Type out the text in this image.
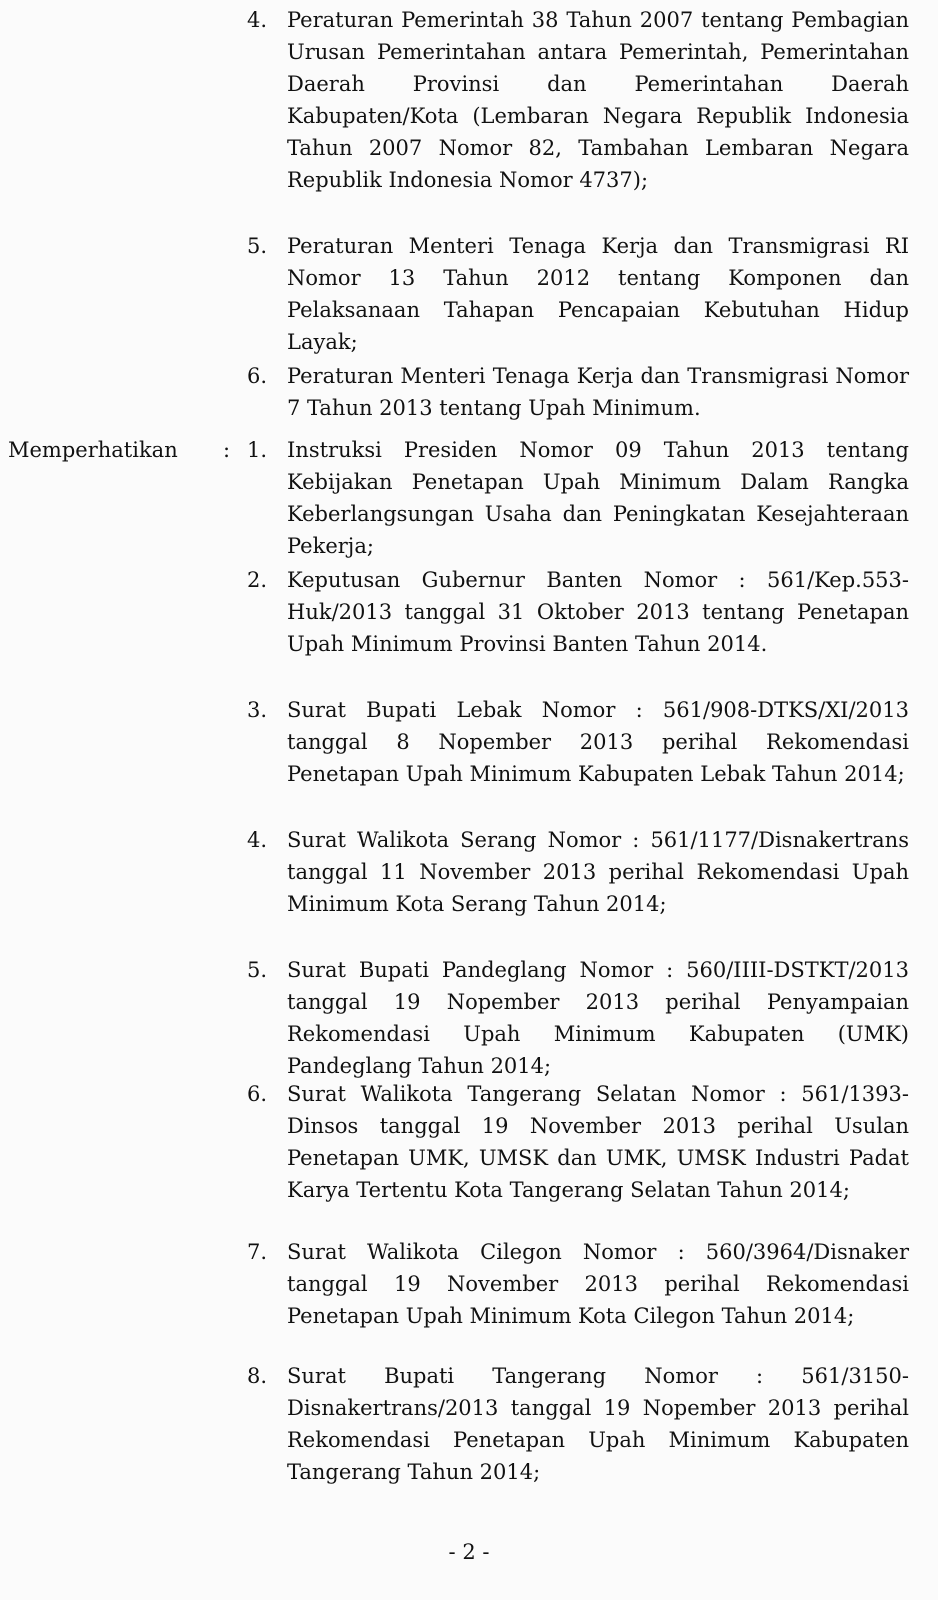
4. Peraturan Pemerintah 38 Tahun 2007 tentang Pembagian Urusan Pemerintahan antara Pemerintah, Pemerintahan Daerah Provinsi dan Pemerintahan Daerah Kabupaten/Kota (Lembaran Negara Republik Indonesia Tahun 2007 Nomor 82, Tambahan Lembaran Negara Republik Indonesia Nomor 4737);
5. Peraturan Menteri Tenaga Kerja dan Transmigrasi RI Nomor 13 Tahun 2012 tentang Komponen dan Pelaksanaan Tahapan Pencapaian Kebutuhan Hidup Layak;
6. Peraturan Menteri Tenaga Kerja dan Transmigrasi Nomor 7 Tahun 2013 tentang Upah Minimum.
Memperhatikan	: 1. Instruksi Presiden Nomor 09 Tahun 2013 tentang Kebijakan Penetapan Upah Minimum Dalam Rangka Keberlangsungan Usaha dan Peningkatan Kesejahteraan Pekerja;
2. Keputusan Gubernur Banten Nomor : 561/Kep.553-Huk/2013 tanggal 31 Oktober 2013 tentang Penetapan Upah Minimum Provinsi Banten Tahun 2014.
3. Surat Bupati Lebak Nomor : 561/908-DTKS/XI/2013 tanggal 8 Nopember 2013 perihal Rekomendasi Penetapan Upah Minimum Kabupaten Lebak Tahun 2014;
4. Surat Walikota Serang Nomor : 561/1177/Disnakertrans tanggal 11 November 2013 perihal Rekomendasi Upah Minimum Kota Serang Tahun 2014;
5. Surat Bupati Pandeglang Nomor : 560/IIII-DSTKT/2013 tanggal 19 Nopember 2013 perihal Penyampaian Rekomendasi Upah Minimum Kabupaten (UMK) Pandeglang Tahun 2014;
6. Surat Walikota Tangerang Selatan Nomor : 561/1393-Dinsos tanggal 19 November 2013 perihal Usulan Penetapan UMK, UMSK dan UMK, UMSK Industri Padat Karya Tertentu Kota Tangerang Selatan Tahun 2014;
7. Surat Walikota Cilegon Nomor : 560/3964/Disnaker tanggal 19 November 2013 perihal Rekomendasi Penetapan Upah Minimum Kota Cilegon Tahun 2014;
8. Surat Bupati Tangerang Nomor : 561/3150-Disnakertrans/2013 tanggal 19 Nopember 2013 perihal Rekomendasi Penetapan Upah Minimum Kabupaten Tangerang Tahun 2014;
- 2 -
